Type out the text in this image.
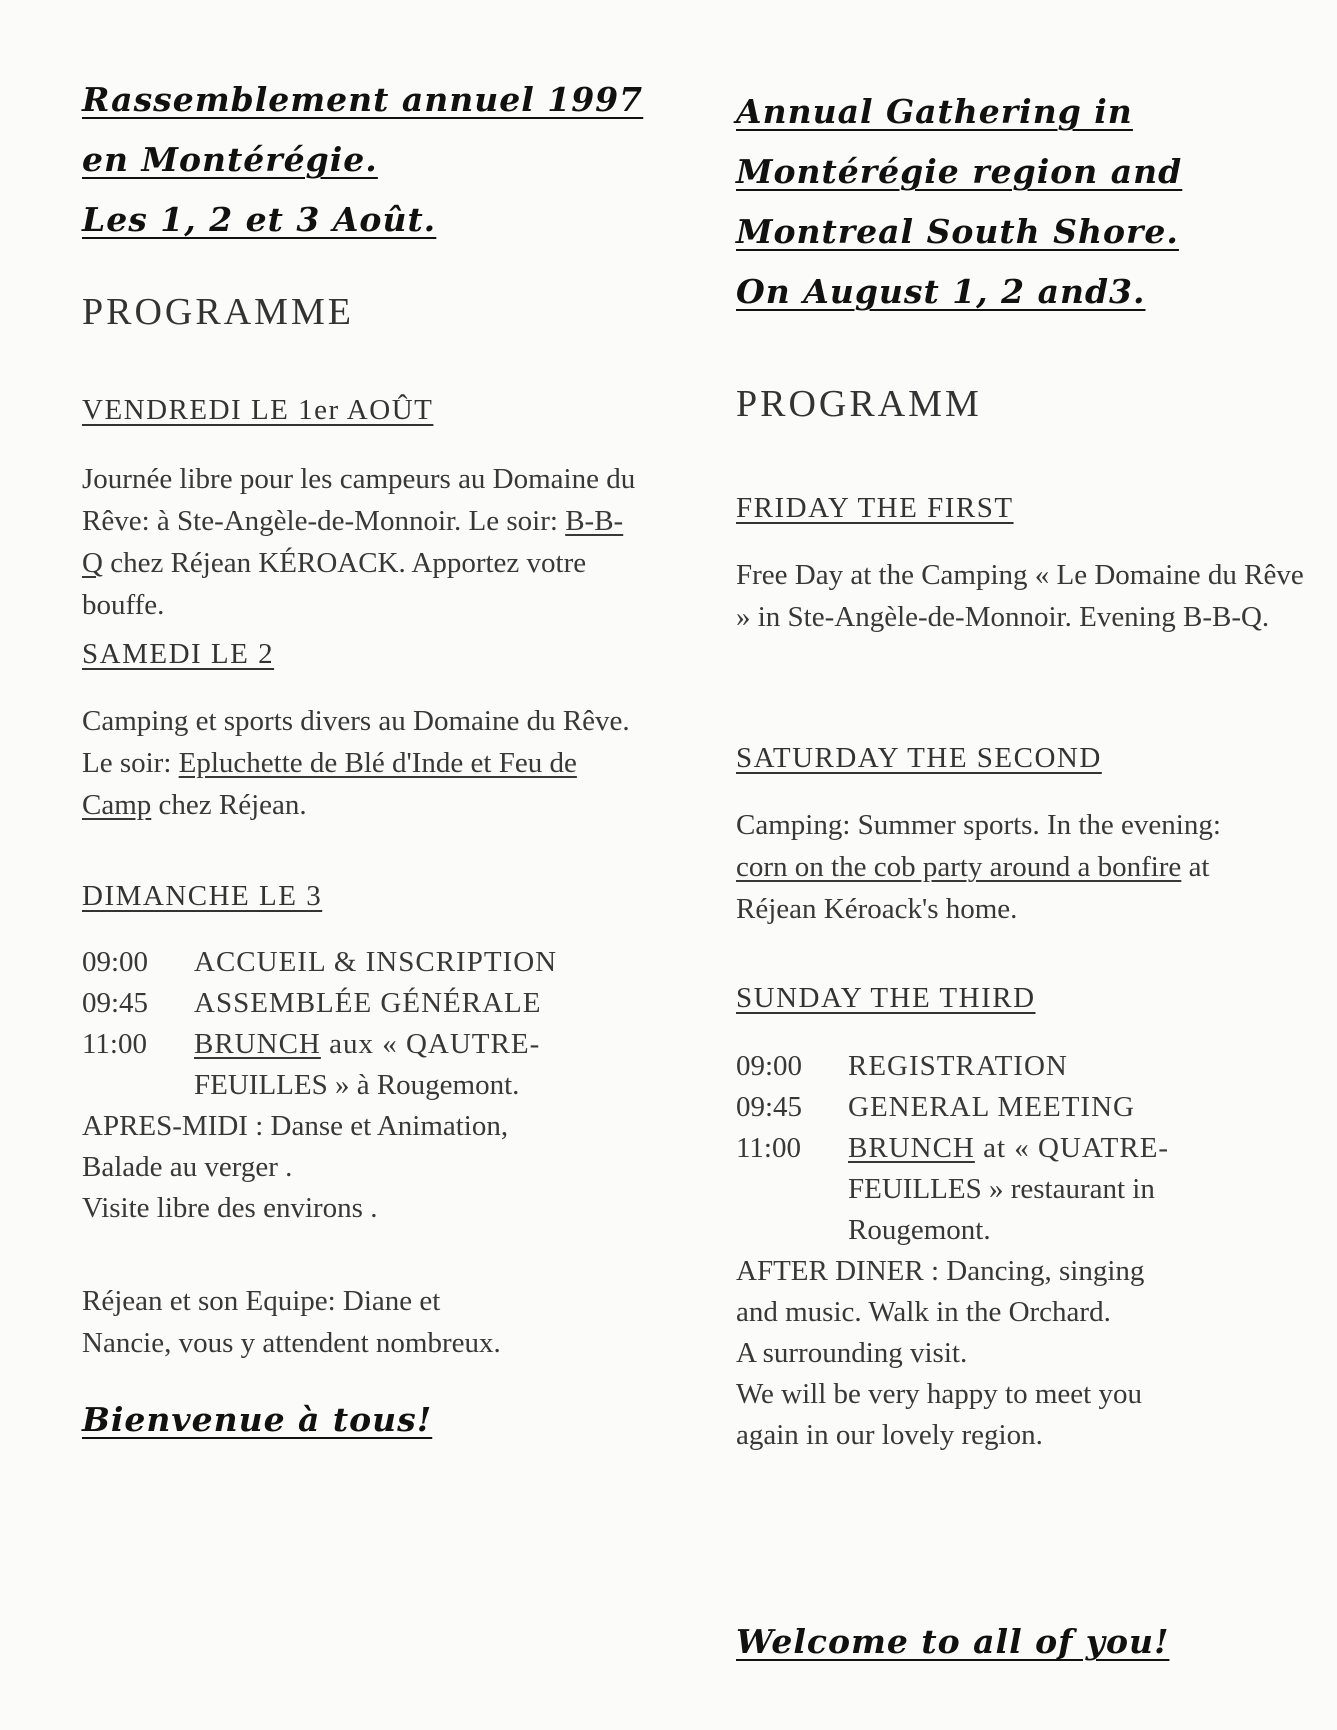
Rassemblement annuel 1997
en Montérégie.
Les 1, 2 et 3 Août.
PROGRAMME
VENDREDI LE 1er AOÛT

Journée libre pour les campeurs au Domaine du Rêve: à Ste-Angèle-de-Monnoir. Le soir: B-B-Q chez Réjean KÉROACK. Apportez votre bouffe.

SAMEDI LE 2

Camping et sports divers au Domaine du Rêve. Le soir: Epluchette de Blé d'Inde et Feu de Camp chez Réjean.

DIMANCHE LE 3
09:00	ACCUEIL & INSCRIPTION
09:45	ASSEMBLÉE GÉNÉRALE
11:00	BRUNCH aux « QAUTRE-
FEUILLES » à Rougemont.
APRES-MIDI : Danse et Animation,
Balade au verger .
Visite libre des environs .
Réjean et son Equipe: Diane et
Nancie, vous y attendent nombreux.

Bienvenue à tous!

Annual Gathering in
Montérégie region and
Montreal South Shore.
On August 1, 2 and3.
PROGRAMM
FRIDAY THE FIRST

Free Day at the Camping « Le Domaine du Rêve » in Ste-Angèle-de-Monnoir. Evening B-B-Q.

SATURDAY THE SECOND

Camping: Summer sports. In the evening: corn on the cob party around a bonfire at Réjean Kéroack's home.

SUNDAY THE THIRD
09:00	REGISTRATION
09:45	GENERAL MEETING
11:00	BRUNCH at « QUATRE-
FEUILLES » restaurant in
Rougemont.
AFTER DINER : Dancing, singing
and music. Walk in the Orchard.
A surrounding visit.
We will be very happy to meet you
again in our lovely region.

Welcome to all of you!
